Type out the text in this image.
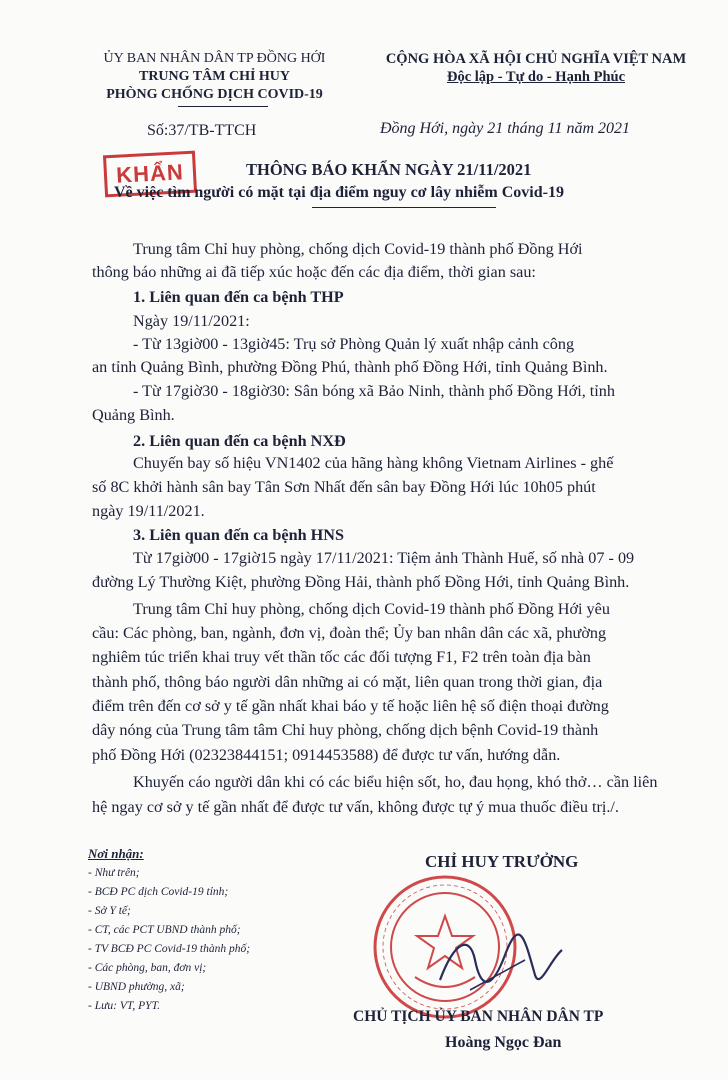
ỦY BAN NHÂN DÂN TP ĐỒNG HỚI
TRUNG TÂM CHỈ HUY
PHÒNG CHỐNG DỊCH COVID-19
CỘNG HÒA XÃ HỘI CHỦ NGHĨA VIỆT NAM
Độc lập - Tự do - Hạnh Phúc
Số:37/TB-TTCH	Đồng Hới, ngày 21 tháng 11 năm 2021
KHẨN	THÔNG BÁO KHẨN NGÀY 21/11/2021
Về việc tìm người có mặt tại địa điểm nguy cơ lây nhiễm Covid-19
Trung tâm Chỉ huy phòng, chống dịch Covid-19 thành phố Đồng Hới
thông báo những ai đã tiếp xúc hoặc đến các địa điểm, thời gian sau:
1. Liên quan đến ca bệnh THP
Ngày 19/11/2021:
- Từ 13giờ00 - 13giờ45: Trụ sở Phòng Quản lý xuất nhập cảnh công
an tỉnh Quảng Bình, phường Đồng Phú, thành phố Đồng Hới, tỉnh Quảng Bình.
- Từ 17giờ30 - 18giờ30: Sân bóng xã Bảo Ninh, thành phố Đồng Hới, tỉnh
Quảng Bình.
2. Liên quan đến ca bệnh NXĐ
Chuyến bay số hiệu VN1402 của hãng hàng không Vietnam Airlines - ghế
số 8C khởi hành sân bay Tân Sơn Nhất đến sân bay Đồng Hới lúc 10h05 phút
ngày 19/11/2021.
3. Liên quan đến ca bệnh HNS
Từ 17giờ00 - 17giờ15 ngày 17/11/2021: Tiệm ảnh Thành Huế, số nhà 07 - 09
đường Lý Thường Kiệt, phường Đồng Hải, thành phố Đồng Hới, tỉnh Quảng Bình.
Trung tâm Chỉ huy phòng, chống dịch Covid-19 thành phố Đồng Hới yêu
cầu: Các phòng, ban, ngành, đơn vị, đoàn thể; Ủy ban nhân dân các xã, phường
nghiêm túc triển khai truy vết thần tốc các đối tượng F1, F2 trên toàn địa bàn
thành phố, thông báo người dân những ai có mặt, liên quan trong thời gian, địa
điểm trên đến cơ sở y tế gần nhất khai báo y tế hoặc liên hệ số điện thoại đường
dây nóng của Trung tâm tâm Chỉ huy phòng, chống dịch bệnh Covid-19 thành
phố Đồng Hới (02323844151; 0914453588) để được tư vấn, hướng dẫn.
Khuyến cáo người dân khi có các biểu hiện sốt, ho, đau họng, khó thở… cần liên
hệ ngay cơ sở y tế gần nhất để được tư vấn, không được tự ý mua thuốc điều trị./.
Nơi nhận:
- Như trên;
- BCĐ PC dịch Covid-19 tỉnh;
- Sở Y tế;
- CT, các PCT UBND thành phố;
- TV BCĐ PC Covid-19 thành phố;
- Các phòng, ban, đơn vị;
- UBND phường, xã;
- Lưu: VT, PYT.
CHỈ HUY TRƯỞNG
CHỦ TỊCH ỦY BAN NHÂN DÂN TP
Hoàng Ngọc Đan
